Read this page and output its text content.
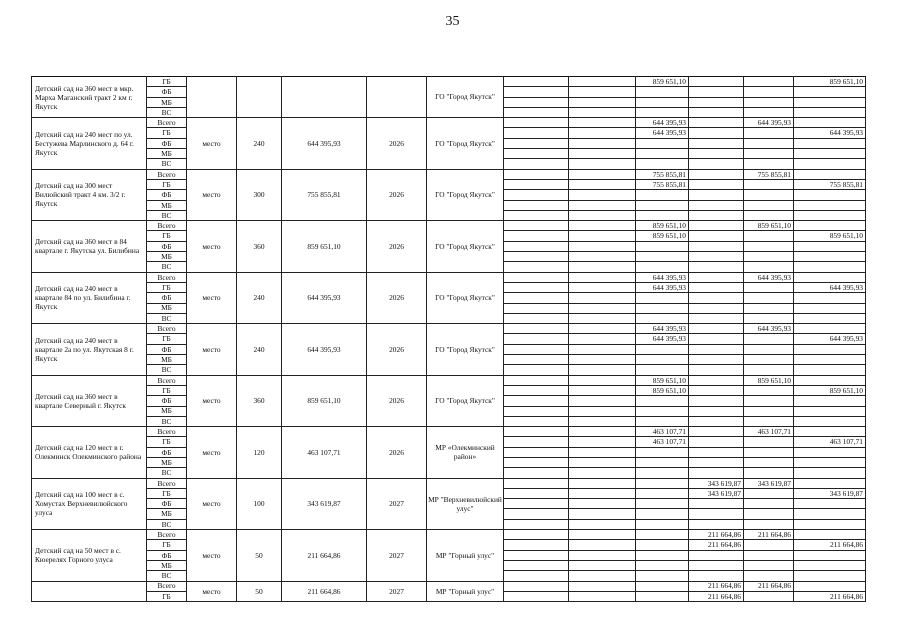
35
Детский сад на 360 мест в мкр. Марха Маганский тракт 2 км г. Якутск	ГБ					ГО "Город Якутск"			859 651,10			859 651,10
	ФБ											
	МБ											
	ВС											
Детский сад на 240 мест по ул. Бестужева Марлинского д. 64 г. Якутск	Всего	место	240	644 395,93	2026	ГО "Город Якутск"			644 395,93		644 395,93	
	ГБ								644 395,93			644 395,93
	ФБ											
	МБ											
	ВС											
Детский сад на 300 мест Вилюйский тракт 4 км. 3/2 г. Якутск	Всего	место	300	755 855,81	2026	ГО "Город Якутск"			755 855,81		755 855,81	
	ГБ								755 855,81			755 855,81
	ФБ											
	МБ											
	ВС											
Детский сад на 360 мест в 84 квартале г. Якутска ул. Билибина	Всего	место	360	859 651,10	2026	ГО "Город Якутск"			859 651,10		859 651,10	
	ГБ								859 651,10			859 651,10
	ФБ											
	МБ											
	ВС											
Детский сад на 240 мест в квартале 84 по ул. Билибина г. Якутск	Всего	место	240	644 395,93	2026	ГО "Город Якутск"			644 395,93		644 395,93	
	ГБ								644 395,93			644 395,93
	ФБ											
	МБ											
	ВС											
Детский сад на 240 мест в квартале 2а по ул. Якутская 8 г. Якутск	Всего	место	240	644 395,93	2026	ГО "Город Якутск"			644 395,93		644 395,93	
	ГБ								644 395,93			644 395,93
	ФБ											
	МБ											
	ВС											
Детский сад на 360 мест в квартале Северный г. Якутск	Всего	место	360	859 651,10	2026	ГО "Город Якутск"			859 651,10		859 651,10	
	ГБ								859 651,10			859 651,10
	ФБ											
	МБ											
	ВС											
Детский сад на 120 мест в г. Олекминск Олекминского района	Всего	место	120	463 107,71	2026	МР «Олекминский район»			463 107,71		463 107,71	
	ГБ								463 107,71			463 107,71
	ФБ											
	МБ											
	ВС											
Детский сад на 100 мест в с. Хомустах Верхневилюйского улуса	Всего	место	100	343 619,87	2027	МР "Верхневилюйский улус"				343 619,87	343 619,87	
	ГБ									343 619,87		343 619,87
	ФБ											
	МБ											
	ВС											
Детский сад на 50 мест в с. Кюерелях Горного улуса	Всего	место	50	211 664,86	2027	МР "Горный улус"				211 664,86	211 664,86	
	ГБ									211 664,86		211 664,86
	ФБ											
	МБ											
	ВС											
	Всего	место	50	211 664,86	2027	МР "Горный улус"				211 664,86	211 664,86	
	ГБ									211 664,86		211 664,86
